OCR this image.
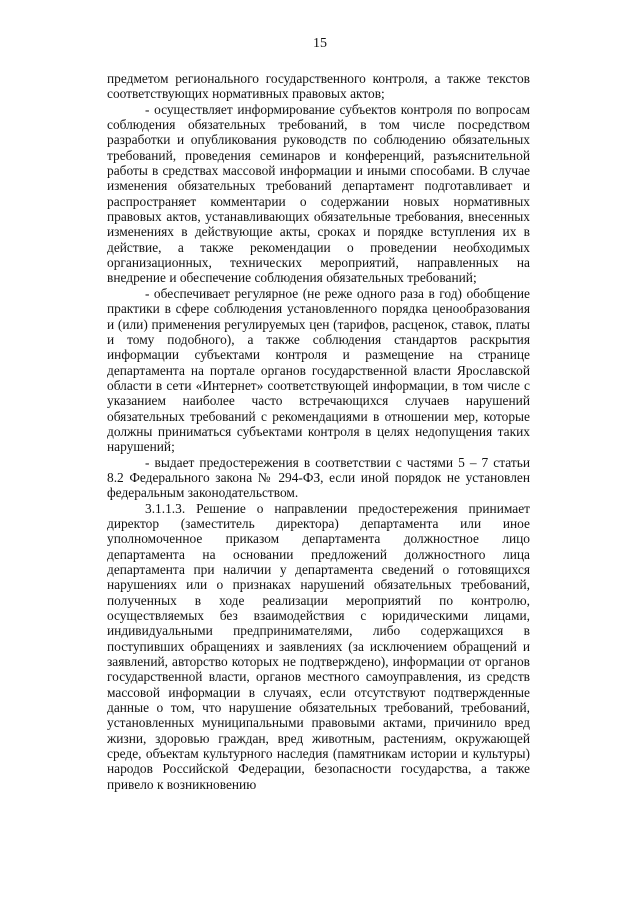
15

предметом регионального государственного контроля, а также текстов соответствующих нормативных правовых актов;

- осуществляет информирование субъектов контроля по вопросам соблюдения обязательных требований, в том числе посредством разработки и опубликования руководств по соблюдению обязательных требований, проведения семинаров и конференций, разъяснительной работы в средствах массовой информации и иными способами. В случае изменения обязательных требований департамент подготавливает и распространяет комментарии о содержании новых нормативных правовых актов, устанавливающих обязательные требования, внесенных изменениях в действующие акты, сроках и порядке вступления их в действие, а также рекомендации о проведении необходимых организационных, технических мероприятий, направленных на внедрение и обеспечение соблюдения обязательных требований;

- обеспечивает регулярное (не реже одного раза в год) обобщение практики в сфере соблюдения установленного порядка ценообразования и (или) применения регулируемых цен (тарифов, расценок, ставок, платы и тому подобного), а также соблюдения стандартов раскрытия информации субъектами контроля и размещение на странице департамента на портале органов государственной власти Ярославской области в сети «Интернет» соответствующей информации, в том числе с указанием наиболее часто встречающихся случаев нарушений обязательных требований с рекомендациями в отношении мер, которые должны приниматься субъектами контроля в целях недопущения таких нарушений;

- выдает предостережения в соответствии с частями 5 – 7 статьи 8.2 Федерального закона № 294-ФЗ, если иной порядок не установлен федеральным законодательством.

3.1.1.3. Решение о направлении предостережения принимает директор (заместитель директора) департамента или иное уполномоченное приказом департамента должностное лицо департамента на основании предложений должностного лица департамента при наличии у департамента сведений о готовящихся нарушениях или о признаках нарушений обязательных требований, полученных в ходе реализации мероприятий по контролю, осуществляемых без взаимодействия с юридическими лицами, индивидуальными предпринимателями, либо содержащихся в поступивших обращениях и заявлениях (за исключением обращений и заявлений, авторство которых не подтверждено), информации от органов государственной власти, органов местного самоуправления, из средств массовой информации в случаях, если отсутствуют подтвержденные данные о том, что нарушение обязательных требований, требований, установленных муниципальными правовыми актами, причинило вред жизни, здоровью граждан, вред животным, растениям, окружающей среде, объектам культурного наследия (памятникам истории и культуры) народов Российской Федерации, безопасности государства, а также привело к возникновению
